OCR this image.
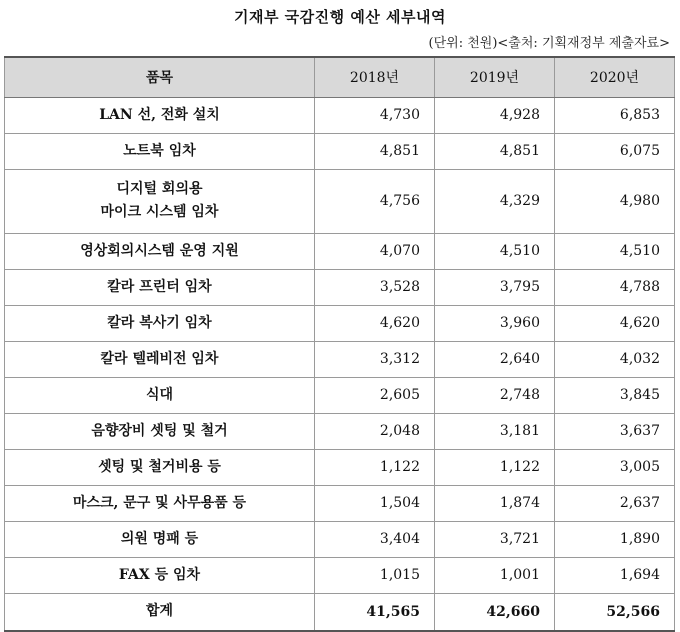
기재부 국감진행 예산 세부내역
(단위: 천원)<출처: 기획재정부 제출자료>
품목	2018년	2019년	2020년
LAN 선, 전화 설치	4,730	4,928	6,853
노트북 임차	4,851	4,851	6,075

디지털 회의용
마이크 시스템 임차	4,756	4,329	4,980
영상회의시스템 운영 지원	4,070	4,510	4,510
칼라 프린터 임차	3,528	3,795	4,788
칼라 복사기 임차	4,620	3,960	4,620
칼라 텔레비전 임차	3,312	2,640	4,032
식대	2,605	2,748	3,845
음향장비 셋팅 및 철거	2,048	3,181	3,637
셋팅 및 철거비용 등	1,122	1,122	3,005
마스크, 문구 및 사무용품 등	1,504	1,874	2,637
의원 명패 등	3,404	3,721	1,890
FAX 등 임차	1,015	1,001	1,694
합계	41,565	42,660	52,566
